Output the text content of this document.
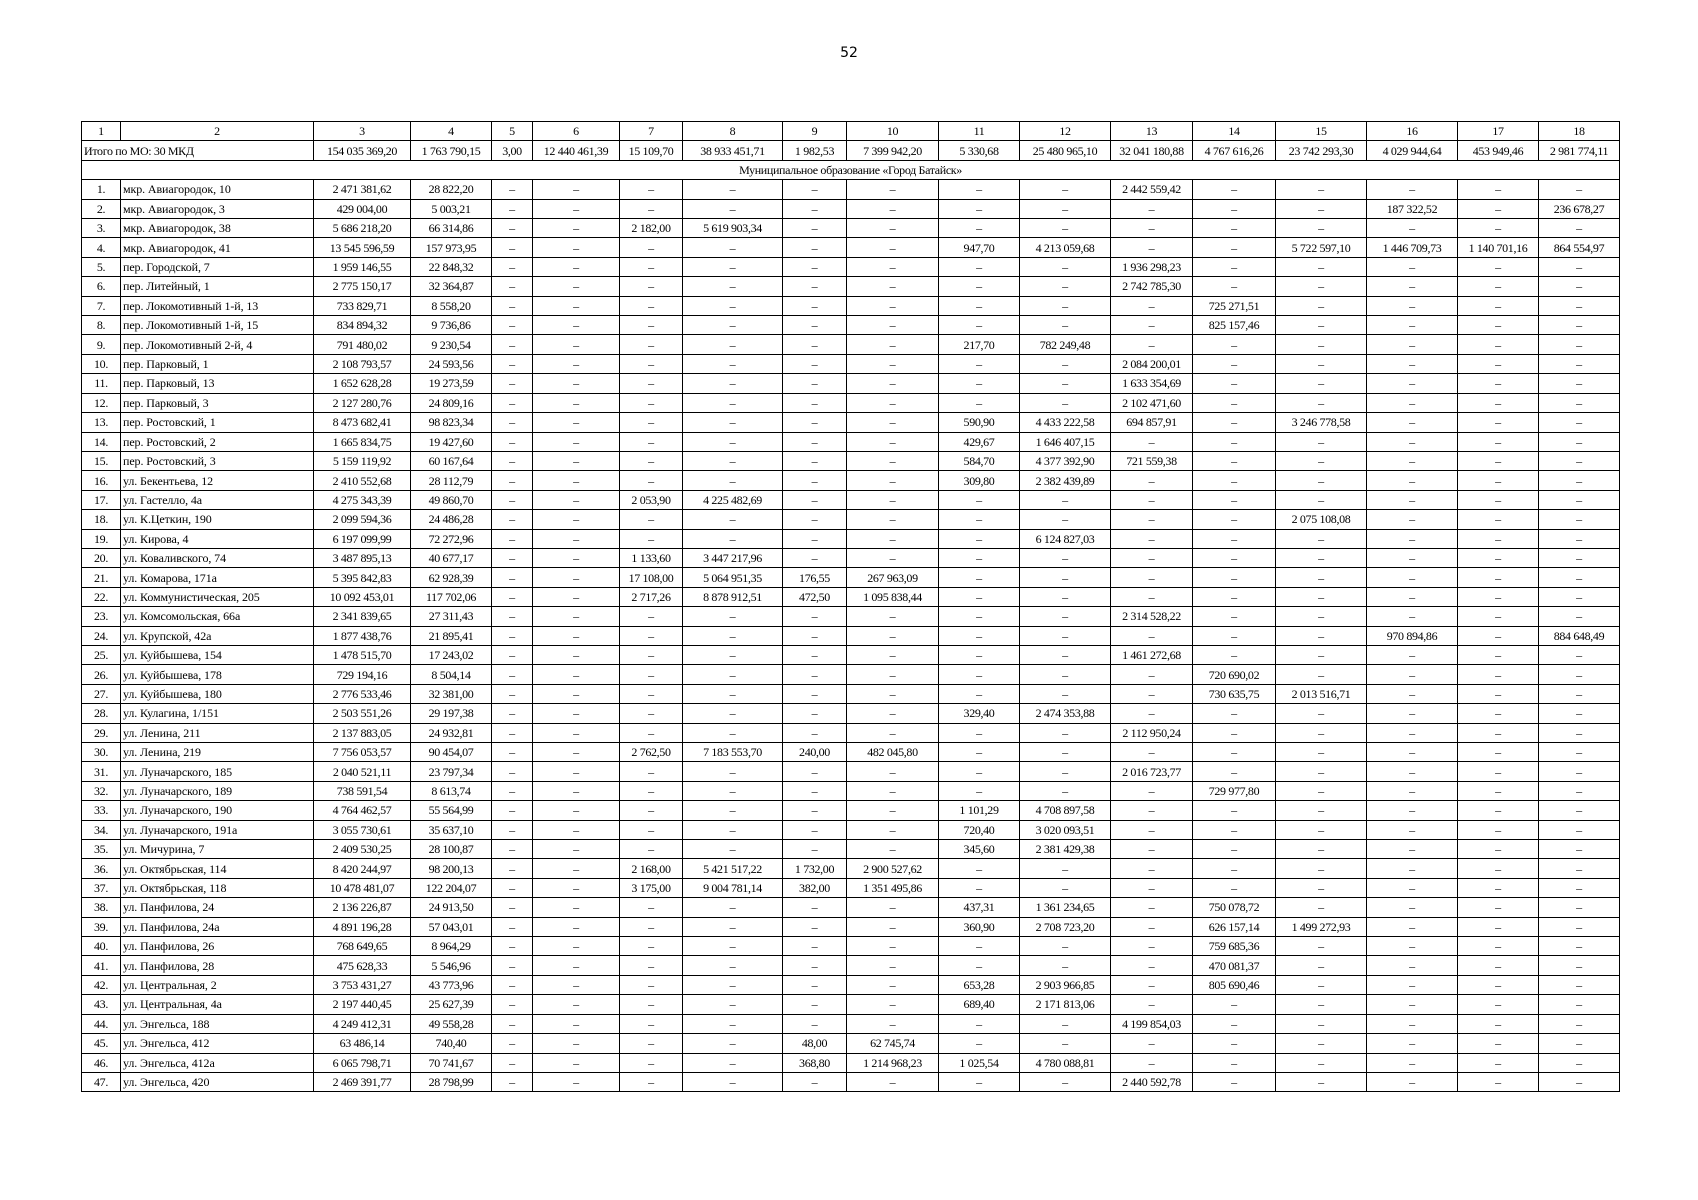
52
1	2	3	4	5	6	7	8	9	10	11	12	13	14	15	16	17	18
Итого по МО: 30 МКД		154 035 369,20	1 763 790,15	3,00	12 440 461,39	15 109,70	38 933 451,71	1 982,53	7 399 942,20	5 330,68	25 480 965,10	32 041 180,88	4 767 616,26	23 742 293,30	4 029 944,64	453 949,46	2 981 774,11
Муниципальное образование «Город Батайск»																	
1.	мкр. Авиагородок, 10	2 471 381,62	28 822,20	–	–	–	–	–	–	–	–	2 442 559,42	–	–	–	–	–
2.	мкр. Авиагородок, 3	429 004,00	5 003,21	–	–	–	–	–	–	–	–	–	–	–	187 322,52	–	236 678,27
3.	мкр. Авиагородок, 38	5 686 218,20	66 314,86	–	–	2 182,00	5 619 903,34	–	–	–	–	–	–	–	–	–	–
4.	мкр. Авиагородок, 41	13 545 596,59	157 973,95	–	–	–	–	–	–	947,70	4 213 059,68	–	–	5 722 597,10	1 446 709,73	1 140 701,16	864 554,97
5.	пер. Городской, 7	1 959 146,55	22 848,32	–	–	–	–	–	–	–	–	1 936 298,23	–	–	–	–	–
6.	пер. Литейный, 1	2 775 150,17	32 364,87	–	–	–	–	–	–	–	–	2 742 785,30	–	–	–	–	–
7.	пер. Локомотивный 1-й, 13	733 829,71	8 558,20	–	–	–	–	–	–	–	–	–	725 271,51	–	–	–	–
8.	пер. Локомотивный 1-й, 15	834 894,32	9 736,86	–	–	–	–	–	–	–	–	–	825 157,46	–	–	–	–
9.	пер. Локомотивный 2-й, 4	791 480,02	9 230,54	–	–	–	–	–	–	217,70	782 249,48	–	–	–	–	–	–
10.	пер. Парковый, 1	2 108 793,57	24 593,56	–	–	–	–	–	–	–	–	2 084 200,01	–	–	–	–	–
11.	пер. Парковый, 13	1 652 628,28	19 273,59	–	–	–	–	–	–	–	–	1 633 354,69	–	–	–	–	–
12.	пер. Парковый, 3	2 127 280,76	24 809,16	–	–	–	–	–	–	–	–	2 102 471,60	–	–	–	–	–
13.	пер. Ростовский, 1	8 473 682,41	98 823,34	–	–	–	–	–	–	590,90	4 433 222,58	694 857,91	–	3 246 778,58	–	–	–
14.	пер. Ростовский, 2	1 665 834,75	19 427,60	–	–	–	–	–	–	429,67	1 646 407,15	–	–	–	–	–	–
15.	пер. Ростовский, 3	5 159 119,92	60 167,64	–	–	–	–	–	–	584,70	4 377 392,90	721 559,38	–	–	–	–	–
16.	ул. Бекентьева, 12	2 410 552,68	28 112,79	–	–	–	–	–	–	309,80	2 382 439,89	–	–	–	–	–	–
17.	ул. Гастелло, 4а	4 275 343,39	49 860,70	–	–	2 053,90	4 225 482,69	–	–	–	–	–	–	–	–	–	–
18.	ул. К.Цеткин, 190	2 099 594,36	24 486,28	–	–	–	–	–	–	–	–	–	–	2 075 108,08	–	–	–
19.	ул. Кирова, 4	6 197 099,99	72 272,96	–	–	–	–	–	–	–	6 124 827,03	–	–	–	–	–	–
20.	ул. Коваливского, 74	3 487 895,13	40 677,17	–	–	1 133,60	3 447 217,96	–	–	–	–	–	–	–	–	–	–
21.	ул. Комарова, 171а	5 395 842,83	62 928,39	–	–	17 108,00	5 064 951,35	176,55	267 963,09	–	–	–	–	–	–	–	–
22.	ул. Коммунистическая, 205	10 092 453,01	117 702,06	–	–	2 717,26	8 878 912,51	472,50	1 095 838,44	–	–	–	–	–	–	–	–
23.	ул. Комсомольская, 66а	2 341 839,65	27 311,43	–	–	–	–	–	–	–	–	2 314 528,22	–	–	–	–	–
24.	ул. Крупской, 42а	1 877 438,76	21 895,41	–	–	–	–	–	–	–	–	–	–	–	970 894,86	–	884 648,49
25.	ул. Куйбышева, 154	1 478 515,70	17 243,02	–	–	–	–	–	–	–	–	1 461 272,68	–	–	–	–	–
26.	ул. Куйбышева, 178	729 194,16	8 504,14	–	–	–	–	–	–	–	–	–	720 690,02	–	–	–	–
27.	ул. Куйбышева, 180	2 776 533,46	32 381,00	–	–	–	–	–	–	–	–	–	730 635,75	2 013 516,71	–	–	–
28.	ул. Кулагина, 1/151	2 503 551,26	29 197,38	–	–	–	–	–	–	329,40	2 474 353,88	–	–	–	–	–	–
29.	ул. Ленина, 211	2 137 883,05	24 932,81	–	–	–	–	–	–	–	–	2 112 950,24	–	–	–	–	–
30.	ул. Ленина, 219	7 756 053,57	90 454,07	–	–	2 762,50	7 183 553,70	240,00	482 045,80	–	–	–	–	–	–	–	–
31.	ул. Луначарского, 185	2 040 521,11	23 797,34	–	–	–	–	–	–	–	–	2 016 723,77	–	–	–	–	–
32.	ул. Луначарского, 189	738 591,54	8 613,74	–	–	–	–	–	–	–	–	–	729 977,80	–	–	–	–
33.	ул. Луначарского, 190	4 764 462,57	55 564,99	–	–	–	–	–	–	1 101,29	4 708 897,58	–	–	–	–	–	–
34.	ул. Луначарского, 191а	3 055 730,61	35 637,10	–	–	–	–	–	–	720,40	3 020 093,51	–	–	–	–	–	–
35.	ул. Мичурина, 7	2 409 530,25	28 100,87	–	–	–	–	–	–	345,60	2 381 429,38	–	–	–	–	–	–
36.	ул. Октябрьская, 114	8 420 244,97	98 200,13	–	–	2 168,00	5 421 517,22	1 732,00	2 900 527,62	–	–	–	–	–	–	–	–
37.	ул. Октябрьская, 118	10 478 481,07	122 204,07	–	–	3 175,00	9 004 781,14	382,00	1 351 495,86	–	–	–	–	–	–	–	–
38.	ул. Панфилова, 24	2 136 226,87	24 913,50	–	–	–	–	–	–	437,31	1 361 234,65	–	750 078,72	–	–	–	–
39.	ул. Панфилова, 24а	4 891 196,28	57 043,01	–	–	–	–	–	–	360,90	2 708 723,20	–	626 157,14	1 499 272,93	–	–	–
40.	ул. Панфилова, 26	768 649,65	8 964,29	–	–	–	–	–	–	–	–	–	759 685,36	–	–	–	–
41.	ул. Панфилова, 28	475 628,33	5 546,96	–	–	–	–	–	–	–	–	–	470 081,37	–	–	–	–
42.	ул. Центральная, 2	3 753 431,27	43 773,96	–	–	–	–	–	–	653,28	2 903 966,85	–	805 690,46	–	–	–	–
43.	ул. Центральная, 4а	2 197 440,45	25 627,39	–	–	–	–	–	–	689,40	2 171 813,06	–	–	–	–	–	–
44.	ул. Энгельса, 188	4 249 412,31	49 558,28	–	–	–	–	–	–	–	–	4 199 854,03	–	–	–	–	–
45.	ул. Энгельса, 412	63 486,14	740,40	–	–	–	–	48,00	62 745,74	–	–	–	–	–	–	–	–
46.	ул. Энгельса, 412а	6 065 798,71	70 741,67	–	–	–	–	368,80	1 214 968,23	1 025,54	4 780 088,81	–	–	–	–	–	–
47.	ул. Энгельса, 420	2 469 391,77	28 798,99	–	–	–	–	–	–	–	–	2 440 592,78	–	–	–	–	–
